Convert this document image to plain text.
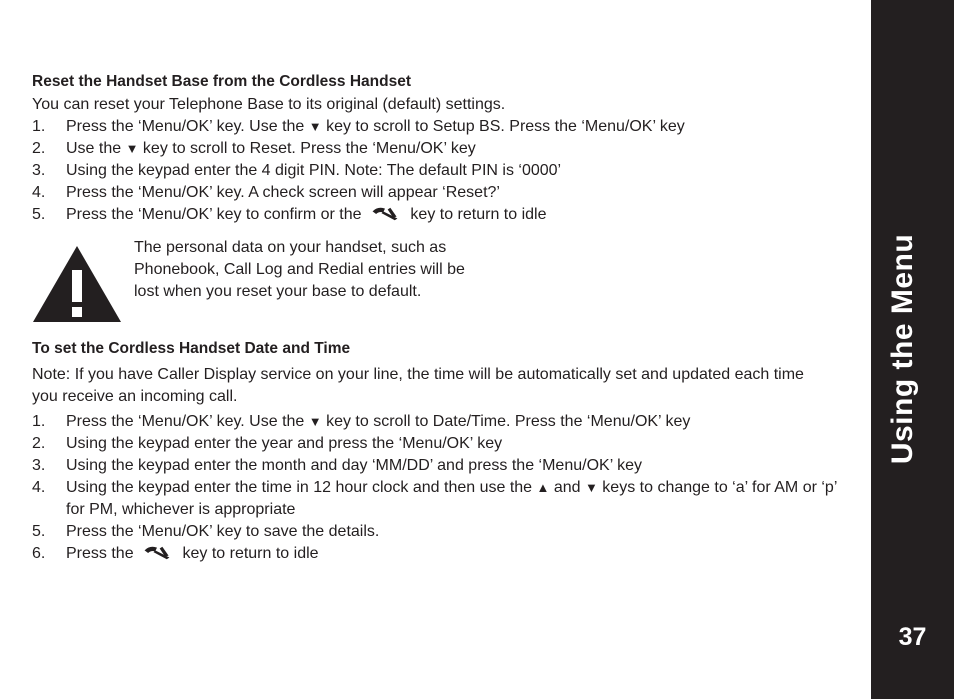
Using the Menu
37
Reset the Handset Base from the Cordless Handset
You can reset your Telephone Base to its original (default) settings.
1. Press the ‘Menu/OK’ key. Use the ▼ key to scroll to Setup BS. Press the ‘Menu/OK’ key
2. Use the ▼ key to scroll to Reset. Press the ‘Menu/OK’ key
3. Using the keypad enter the 4 digit PIN. Note: The default PIN is ‘0000’
4. Press the ‘Menu/OK’ key. A check screen will appear ‘Reset?’
5. Press the ‘Menu/OK’ key to confirm or the	key to return to idle
The personal data on your handset, such as Phonebook, Call Log and Redial entries will be lost when you reset your base to default.
To set the Cordless Handset Date and Time
Note: If you have Caller Display service on your line, the time will be automatically set and updated each time you receive an incoming call.
1. Press the ‘Menu/OK’ key. Use the ▼ key to scroll to Date/Time. Press the ‘Menu/OK’ key
2. Using the keypad enter the year and press the ‘Menu/OK’ key
3. Using the keypad enter the month and day ‘MM/DD’ and press the ‘Menu/OK’ key
4. Using the keypad enter the time in 12 hour clock and then use the ▲ and ▼ keys to change to ‘a’ for AM or ‘p’ for PM, whichever is appropriate
5. Press the ‘Menu/OK’ key to save the details.
6. Press the	key to return to idle
